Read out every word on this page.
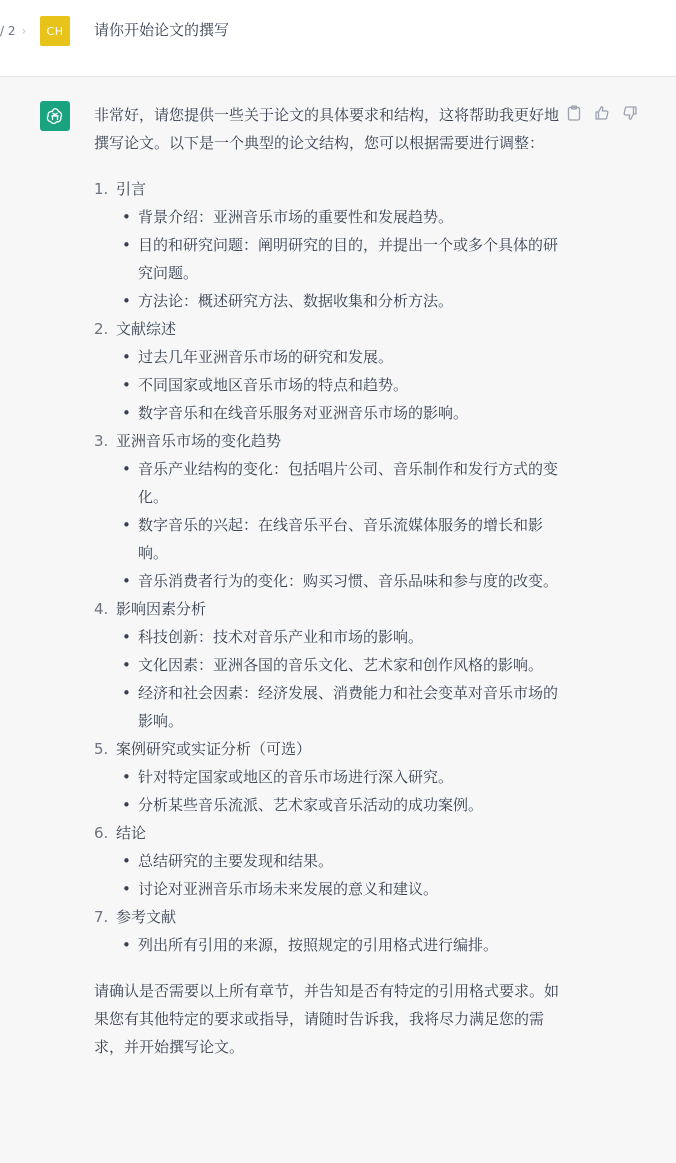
/ 2 ›	CH	请你开始论文的撰写

非常好，请您提供一些关于论文的具体要求和结构，这将帮助我更好地撰写论文。以下是一个典型的论文结构，您可以根据需要进行调整：

1. 引言
• 背景介绍：亚洲音乐市场的重要性和发展趋势。
• 目的和研究问题：阐明研究的目的，并提出一个或多个具体的研究问题。
• 方法论：概述研究方法、数据收集和分析方法。
2. 文献综述
• 过去几年亚洲音乐市场的研究和发展。
• 不同国家或地区音乐市场的特点和趋势。
• 数字音乐和在线音乐服务对亚洲音乐市场的影响。
3. 亚洲音乐市场的变化趋势
• 音乐产业结构的变化：包括唱片公司、音乐制作和发行方式的变化。
• 数字音乐的兴起：在线音乐平台、音乐流媒体服务的增长和影响。
• 音乐消费者行为的变化：购买习惯、音乐品味和参与度的改变。
4. 影响因素分析
• 科技创新：技术对音乐产业和市场的影响。
• 文化因素：亚洲各国的音乐文化、艺术家和创作风格的影响。
• 经济和社会因素：经济发展、消费能力和社会变革对音乐市场的影响。
5. 案例研究或实证分析（可选）
• 针对特定国家或地区的音乐市场进行深入研究。
• 分析某些音乐流派、艺术家或音乐活动的成功案例。
6. 结论
• 总结研究的主要发现和结果。
• 讨论对亚洲音乐市场未来发展的意义和建议。
7. 参考文献
• 列出所有引用的来源，按照规定的引用格式进行编排。

请确认是否需要以上所有章节，并告知是否有特定的引用格式要求。如果您有其他特定的要求或指导，请随时告诉我，我将尽力满足您的需求，并开始撰写论文。
